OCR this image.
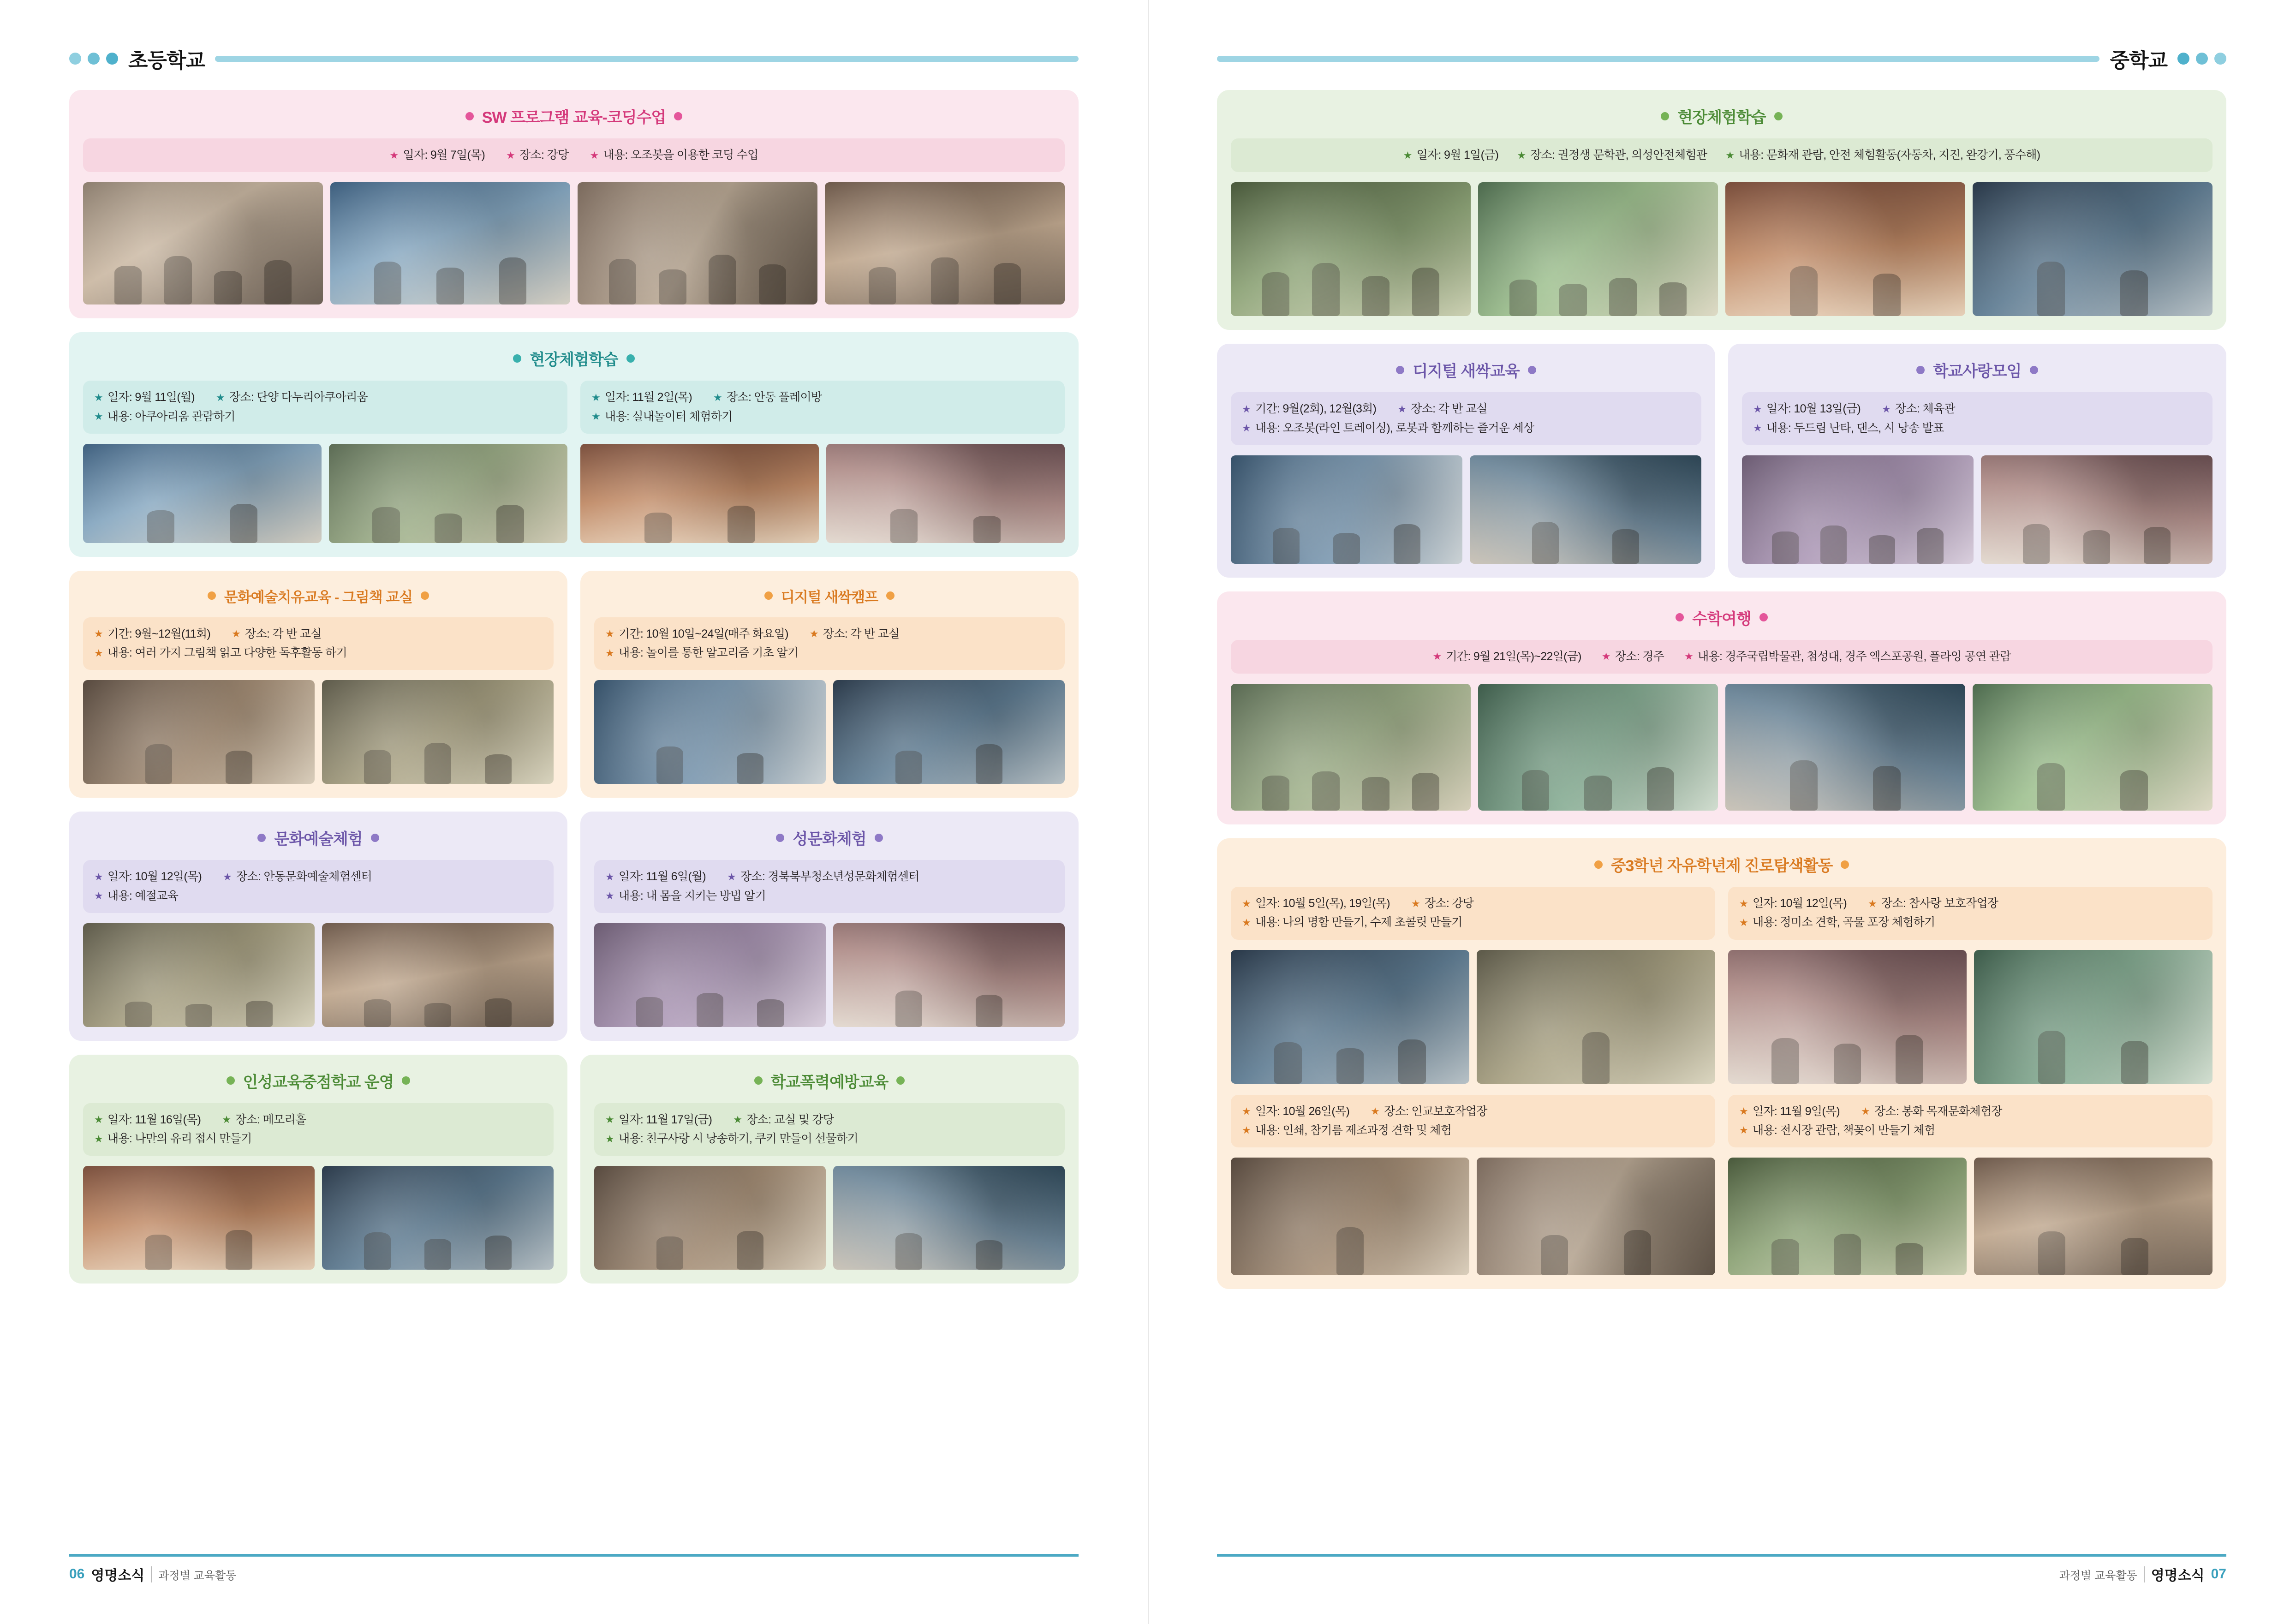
초등학교
SW 프로그램 교육-코딩수업
★ 일자: 9월 7일(목) ★ 장소: 강당 ★ 내용: 오조봇을 이용한 코딩 수업
현장체험학습
★ 일자: 9월 11일(월) ★ 장소: 단양 다누리아쿠아리움
★ 내용: 아쿠아리움 관람하기
★ 일자: 11월 2일(목) ★ 장소: 안동 플레이방
★ 내용: 실내놀이터 체험하기
문화예술치유교육 - 그림책 교실
★ 기간: 9월~12월(11회) ★ 장소: 각 반 교실
★ 내용: 여러 가지 그림책 읽고 다양한 독후활동 하기
디지털 새싹캠프
★ 기간: 10월 10일~24일(매주 화요일) ★ 장소: 각 반 교실
★ 내용: 놀이를 통한 알고리즘 기초 알기
문화예술체험
★ 일자: 10월 12일(목) ★ 장소: 안동문화예술체험센터
★ 내용: 예절교육
성문화체험
★ 일자: 11월 6일(월) ★ 장소: 경북북부청소년성문화체험센터
★ 내용: 내 몸을 지키는 방법 알기
인성교육중점학교 운영
★ 일자: 11월 16일(목) ★ 장소: 메모리홀
★ 내용: 나만의 유리 접시 만들기
학교폭력예방교육
★ 일자: 11월 17일(금) ★ 장소: 교실 및 강당
★ 내용: 친구사랑 시 낭송하기, 쿠키 만들어 선물하기
06 영명소식	과정별 교육활동
중학교
현장체험학습
★ 일자: 9월 1일(금) ★ 장소: 권정생 문학관, 의성안전체험관 ★ 내용: 문화재 관람, 안전 체험활동(자동차, 지진, 완강기, 풍수해)
디지털 새싹교육
★ 기간: 9월(2회), 12월(3회) ★ 장소: 각 반 교실
★ 내용: 오조봇(라인 트레이싱), 로봇과 함께하는 즐거운 세상
학교사랑모임
★ 일자: 10월 13일(금) ★ 장소: 체육관
★ 내용: 두드림 난타, 댄스, 시 낭송 발표
수학여행
★ 기간: 9월 21일(목)~22일(금) ★ 장소: 경주 ★ 내용: 경주국립박물관, 첨성대, 경주 엑스포공원, 플라잉 공연 관람
중3학년 자유학년제 진로탐색활동
★ 일자: 10월 5일(목), 19일(목) ★ 장소: 강당
★ 내용: 나의 명함 만들기, 수제 초콜릿 만들기
★ 일자: 10월 12일(목) ★ 장소: 참사랑 보호작업장
★ 내용: 정미소 견학, 곡물 포장 체험하기
★ 일자: 10월 26일(목) ★ 장소: 인교보호작업장
★ 내용: 인쇄, 참기름 제조과정 견학 및 체험
★ 일자: 11월 9일(목) ★ 장소: 봉화 목재문화체험장
★ 내용: 전시장 관람, 책꽂이 만들기 체험
과정별 교육활동	영명소식 07
